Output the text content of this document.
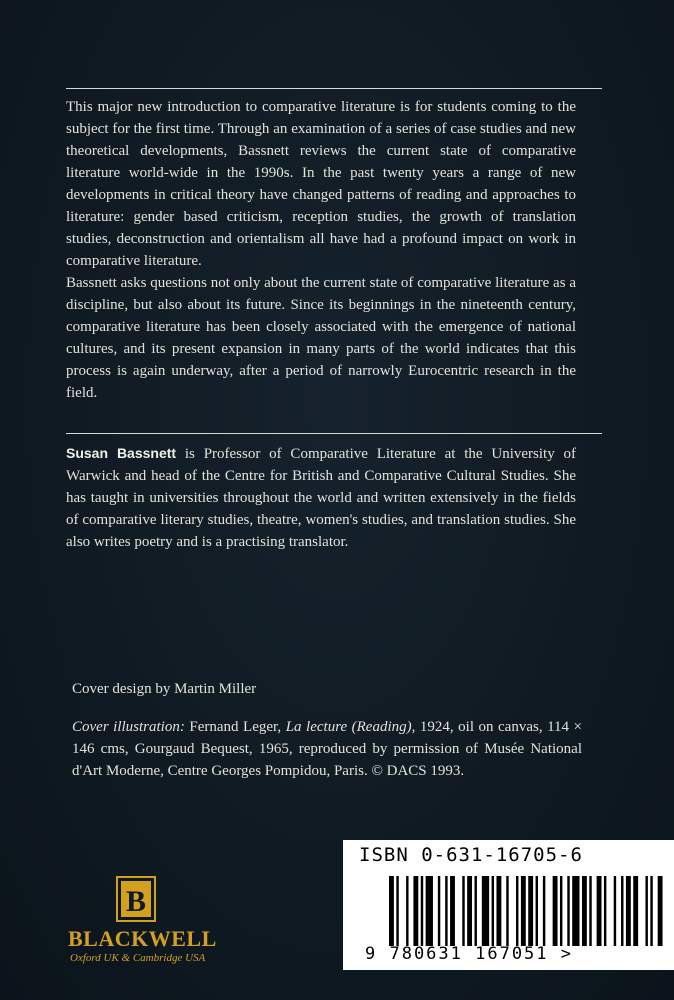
This major new introduction to comparative literature is for students coming to the subject for the first time. Through an examination of a series of case studies and new theoretical developments, Bassnett reviews the current state of comparative literature world-wide in the 1990s. In the past twenty years a range of new developments in critical theory have changed patterns of reading and approaches to literature: gender based criticism, reception studies, the growth of translation studies, deconstruction and orientalism all have had a profound impact on work in comparative literature.

Bassnett asks questions not only about the current state of comparative literature as a discipline, but also about its future. Since its beginnings in the nineteenth century, comparative literature has been closely associated with the emergence of national cultures, and its present expansion in many parts of the world indicates that this process is again underway, after a period of narrowly Eurocentric research in the field.

Susan Bassnett is Professor of Comparative Literature at the University of Warwick and head of the Centre for British and Comparative Cultural Studies. She has taught in universities throughout the world and written extensively in the fields of comparative literary studies, theatre, women's studies, and translation studies. She also writes poetry and is a practising translator.

Cover design by Martin Miller

Cover illustration: Fernand Leger, La lecture (Reading), 1924, oil on canvas, 114 × 146 cms, Gourgaud Bequest, 1965, reproduced by permission of Musée National d'Art Moderne, Centre Georges Pompidou, Paris. © DACS 1993.

B
BLACKWELL
Oxford UK & Cambridge USA
ISBN 0-631-16705-6
9 780631 167051 >
